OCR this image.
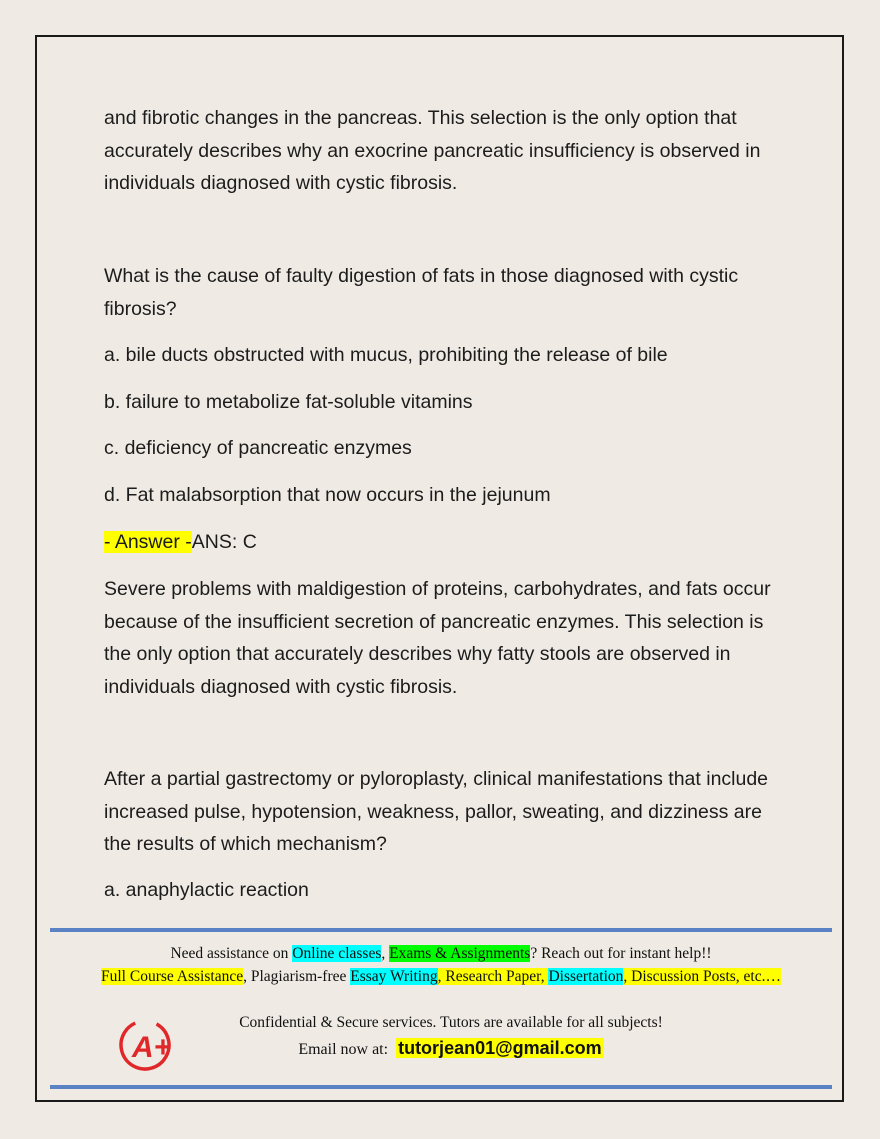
and fibrotic changes in the pancreas. This selection is the only option that accurately describes why an exocrine pancreatic insufficiency is observed in individuals diagnosed with cystic fibrosis.

What is the cause of faulty digestion of fats in those diagnosed with cystic fibrosis?

a. bile ducts obstructed with mucus, prohibiting the release of bile

b. failure to metabolize fat-soluble vitamins

c. deficiency of pancreatic enzymes

d. Fat malabsorption that now occurs in the jejunum

- Answer -ANS: C

Severe problems with maldigestion of proteins, carbohydrates, and fats occur because of the insufficient secretion of pancreatic enzymes. This selection is the only option that accurately describes why fatty stools are observed in individuals diagnosed with cystic fibrosis.

After a partial gastrectomy or pyloroplasty, clinical manifestations that include increased pulse, hypotension, weakness, pallor, sweating, and dizziness are the results of which mechanism?

a. anaphylactic reaction

Need assistance on Online classes, Exams & Assignments? Reach out for instant help!!
Full Course Assistance, Plagiarism-free Essay Writing, Research Paper, Dissertation, Discussion Posts, etc.…
A+
Confidential & Secure services. Tutors are available for all subjects!
Email now at: tutorjean01@gmail.com
